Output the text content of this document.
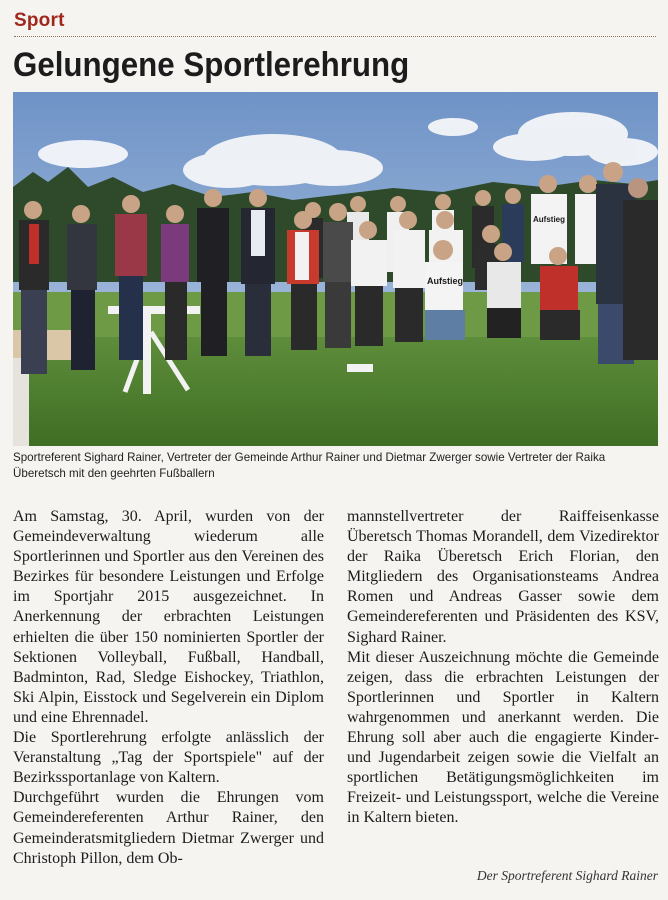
Sport
Gelungene Sportlerehrung
Aufstieg
Aufstieg
Sportreferent Sighard Rainer, Vertreter der Gemeinde Arthur Rainer und Dietmar Zwerger sowie Vertreter der Raika Überetsch mit den geehrten Fußballern

Am Samstag, 30. April, wurden von der Gemeindeverwaltung wiederum alle Sportlerinnen und Sportler aus den Vereinen des Bezirkes für besondere Leistungen und Erfolge im Sportjahr 2015 ausgezeichnet. In Anerkennung der erbrachten Leistungen erhielten die über 150 nominierten Sportler der Sektionen Volleyball, Fußball, Handball, Badminton, Rad, Sledge Eishockey, Triathlon, Ski Alpin, Eisstock und Segelverein ein Diplom und eine Ehrennadel.

Die Sportlerehrung erfolgte anlässlich der Veranstaltung „Tag der Sportspiele" auf der Bezirkssportanlage von Kaltern.

Durchgeführt wurden die Ehrungen vom Gemeindereferenten Arthur Rainer, den Gemeinderatsmitgliedern Dietmar Zwerger und Christoph Pillon, dem Ob-

mannstellvertreter der Raiffeisenkasse Überetsch Thomas Morandell, dem Vizedirektor der Raika Überetsch Erich Florian, den Mitgliedern des Organisationsteams Andrea Romen und Andreas Gasser sowie dem Gemeindereferenten und Präsidenten des KSV, Sighard Rainer.

Mit dieser Auszeichnung möchte die Gemeinde zeigen, dass die erbrachten Leistungen der Sportlerinnen und Sportler in Kaltern wahrgenommen und anerkannt werden. Die Ehrung soll aber auch die engagierte Kinder- und Jugendarbeit zeigen sowie die Vielfalt an sportlichen Betätigungsmöglichkeiten im Freizeit- und Leistungssport, welche die Vereine in Kaltern bieten.

Der Sportreferent Sighard Rainer
